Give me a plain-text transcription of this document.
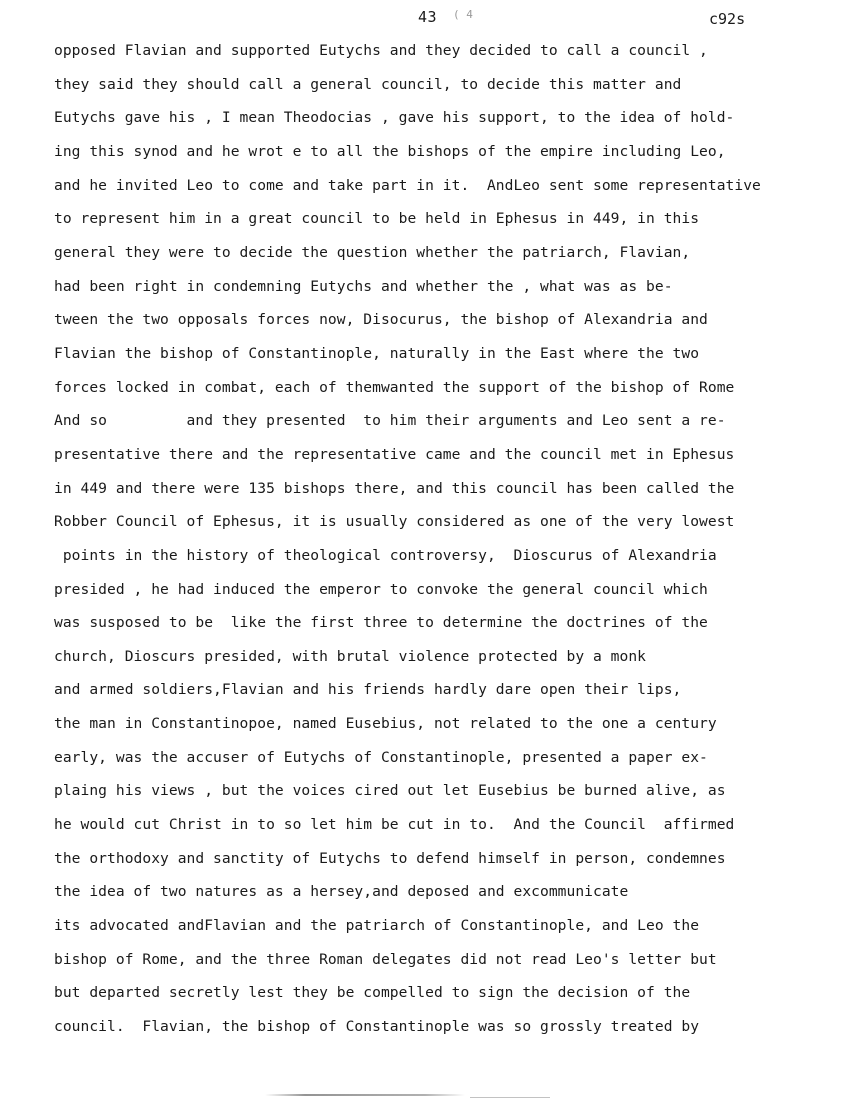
43 ( 4	c92s
opposed Flavian and supported Eutychs and they decided to call a council ,
they said they should call a general council, to decide this matter and
Eutychs gave his , I mean Theodocias , gave his support, to the idea of hold-
ing this synod and he wrot e to all the bishops of the empire including Leo,
and he invited Leo to come and take part in it.  AndLeo sent some representative
to represent him in a great council to be held in Ephesus in 449, in this
general they were to decide the question whether the patriarch, Flavian,
had been right in condemning Eutychs and whether the , what was as be-
tween the two opposals forces now, Disocurus, the bishop of Alexandria and
Flavian the bishop of Constantinople, naturally in the East where the two
forces locked in combat, each of themwanted the support of the bishop of Rome
And so         and they presented  to him their arguments and Leo sent a re-
presentative there and the representative came and the council met in Ephesus
in 449 and there were 135 bishops there, and this council has been called the
Robber Council of Ephesus, it is usually considered as one of the very lowest
points in the history of theological controversy,  Dioscurus of Alexandria
presided , he had induced the emperor to convoke the general council which
was susposed to be  like the first three to determine the doctrines of the
church, Dioscurs presided, with brutal violence protected by a monk
and armed soldiers,Flavian and his friends hardly dare open their lips,
the man in Constantinopoe, named Eusebius, not related to the one a century
early, was the accuser of Eutychs of Constantinople, presented a paper ex-
plaing his views , but the voices cired out let Eusebius be burned alive, as
he would cut Christ in to so let him be cut in to.  And the Council  affirmed
the orthodoxy and sanctity of Eutychs to defend himself in person, condemnes
the idea of two natures as a hersey,and deposed and excommunicate
its advocated andFlavian and the patriarch of Constantinople, and Leo the
bishop of Rome, and the three Roman delegates did not read Leo's letter but
but departed secretly lest they be compelled to sign the decision of the
council.  Flavian, the bishop of Constantinople was so grossly treated by
